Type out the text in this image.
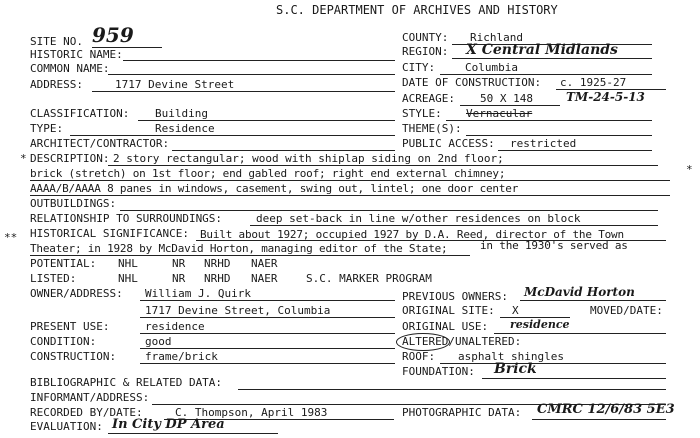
S.C. DEPARTMENT OF ARCHIVES AND HISTORY
SITE NO. 959
HISTORIC NAME:
COMMON NAME:
ADDRESS:	1717 Devine Street
COUNTY: Richland
REGION: X Central Midlands
CITY:	Columbia
DATE OF CONSTRUCTION: c. 1925-27
ACREAGE: 50 X 148	TM-24-5-13
CLASSIFICATION: Building
TYPE:	Residence
ARCHITECT/CONTRACTOR:
STYLE: Vernacular
THEME(S):
PUBLIC ACCESS: restricted
* DESCRIPTION: 2 story rectangular; wood with shiplap siding on 2nd floor;
brick (stretch) on 1st floor; end gabled roof; right end external chimney;	*
AAAA/B/AAAA 8 panes in windows, casement, swing out, lintel; one door center
OUTBUILDINGS:
RELATIONSHIP TO SURROUNDINGS:	deep set-back in line w/other residences on block
** HISTORICAL SIGNIFICANCE: Built about 1927; occupied 1927 by D.A. Reed, director of the Town
Theater; in 1928 by McDavid Horton, managing editor of the State;	in the 1930's served as
POTENTIAL: NHL	NR NRHD NAER
LISTED:	NHL	NR NRHD NAER	S.C. MARKER PROGRAM
OWNER/ADDRESS: William J. Quirk
1717 Devine Street, Columbia
PREVIOUS OWNERS: McDavid Horton
ORIGINAL SITE: X	MOVED/DATE:
PRESENT USE:	residence	ORIGINAL USE: residence
CONDITION:	good	ALTERED/UNALTERED:
CONSTRUCTION:	frame/brick	ROOF: asphalt shingles
FOUNDATION: Brick
BIBLIOGRAPHIC & RELATED DATA:
INFORMANT/ADDRESS:
RECORDED BY/DATE:	C. Thompson, April 1983	PHOTOGRAPHIC DATA: CMRC 12/6/83 5E3
EVALUATION: In City DP Area
